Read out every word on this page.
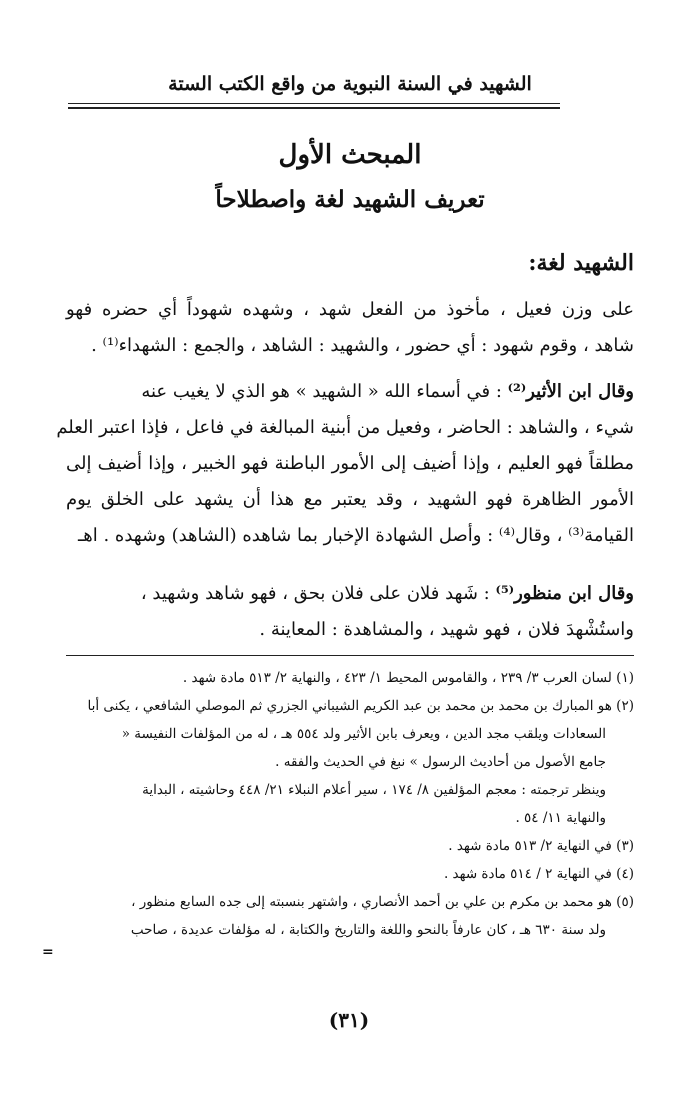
الشهيد في السنة النبوية من واقع الكتب الستة
المبحث الأول
تعريف الشهيد لغة واصطلاحاً
الشهيد لغة:
على وزن فعيل ، مأخوذ من الفعل شهد ، وشهده شهوداً أي حضره فهو
شاهد ، وقوم شهود : أي حضور ، والشهيد : الشاهد ، والجمع : الشهداء⁽¹⁾ .
وقال ابن الأثير⁽²⁾ : في أسماء الله « الشهيد » هو الذي لا يغيب عنه
شيء ، والشاهد : الحاضر ، وفعيل من أبنية المبالغة في فاعل ، فإذا اعتبر العلم
مطلقاً فهو العليم ، وإذا أضيف إلى الأمور الباطنة فهو الخبير ، وإذا أضيف إلى
الأمور الظاهرة فهو الشهيد ، وقد يعتبر مع هذا أن يشهد على الخلق يوم
القيامة⁽³⁾ ، وقال⁽⁴⁾ : وأصل الشهادة الإخبار بما شاهده (الشاهد) وشهده . اهـ
وقال ابن منظور⁽⁵⁾ : شَهد فلان على فلان بحق ، فهو شاهد وشهيد ،
واستُشْهدَ فلان ، فهو شهيد ، والمشاهدة : المعاينة .
(١) لسان العرب ٣/ ٢٣٩ ، والقاموس المحيط ١/ ٤٢٣ ، والنهاية ٢/ ٥١٣ مادة شهد .
(٢) هو المبارك بن محمد بن محمد بن عبد الكريم الشيباني الجزري ثم الموصلي الشافعي ، يكنى أبا
السعادات ويلقب مجد الدين ، ويعرف بابن الأثير ولد ٥٥٤ هـ ، له من المؤلفات النفيسة «
جامع الأصول من أحاديث الرسول » نبغ في الحديث والفقه .
وينظر ترجمته : معجم المؤلفين ٨/ ١٧٤ ، سير أعلام النبلاء ٢١/ ٤٤٨ وحاشيته ، البداية
والنهاية ١١/ ٥٤ .
(٣) في النهاية ٢/ ٥١٣ مادة شهد .
(٤) في النهاية ٢ / ٥١٤ مادة شهد .
(٥) هو محمد بن مكرم بن علي بن أحمد الأنصاري ، واشتهر بنسبته إلى جده السابع منظور ،
ولد سنة ٦٣٠ هـ ، كان عارفاً بالنحو واللغة والتاريخ والكتابة ، له مؤلفات عديدة ، صاحب
=
(٣١)
